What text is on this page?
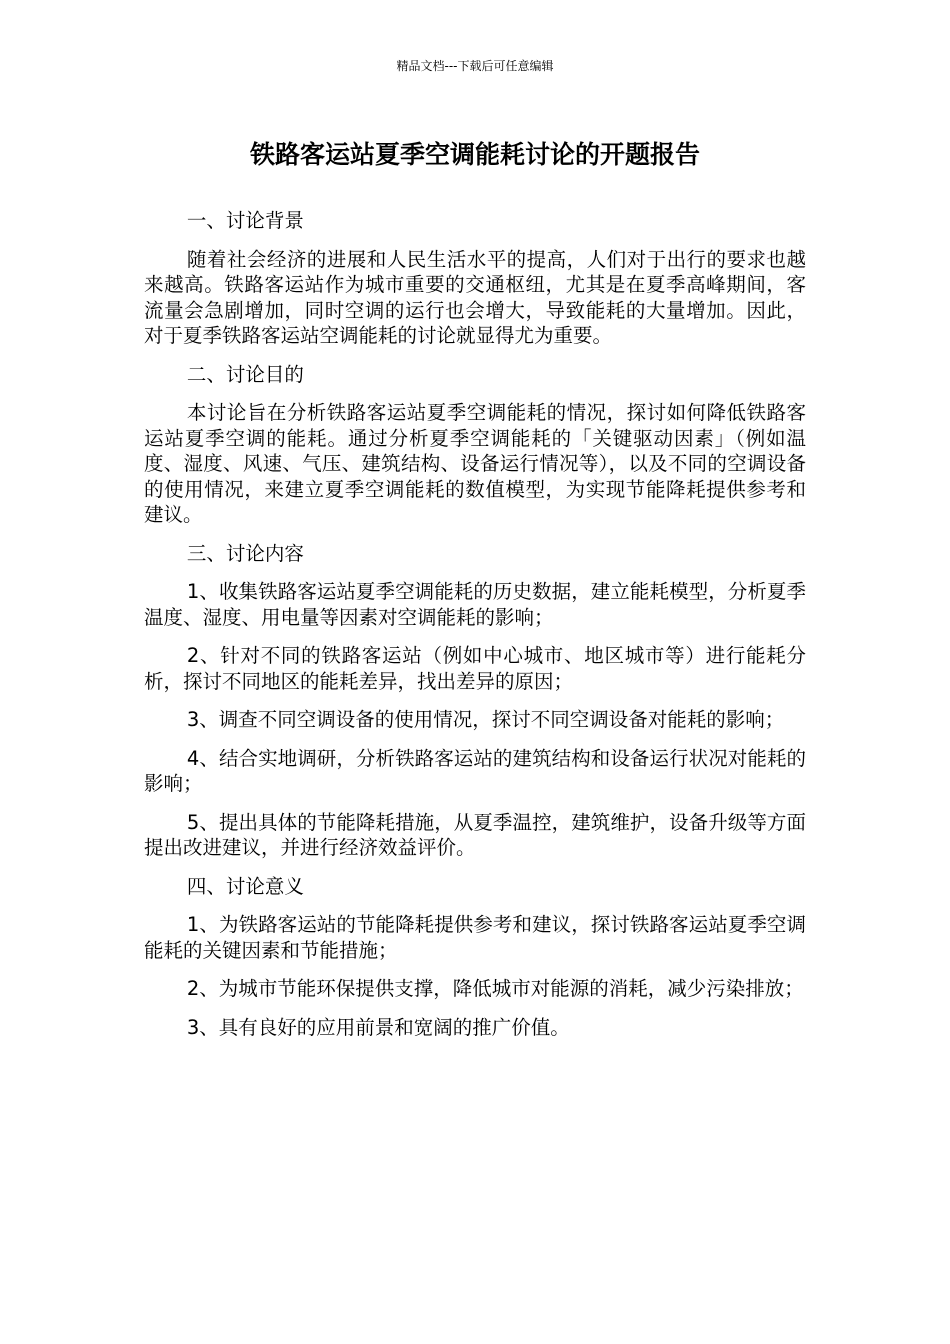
精品文档---下载后可任意编辑
铁路客运站夏季空调能耗讨论的开题报告

一、讨论背景

随着社会经济的进展和人民生活水平的提高，人们对于出行的要求也越来越高。铁路客运站作为城市重要的交通枢纽，尤其是在夏季高峰期间，客流量会急剧增加，同时空调的运行也会增大，导致能耗的大量增加。因此，对于夏季铁路客运站空调能耗的讨论就显得尤为重要。

二、讨论目的

本讨论旨在分析铁路客运站夏季空调能耗的情况，探讨如何降低铁路客运站夏季空调的能耗。通过分析夏季空调能耗的「关键驱动因素」（例如温度、湿度、风速、气压、建筑结构、设备运行情况等），以及不同的空调设备的使用情况，来建立夏季空调能耗的数值模型，为实现节能降耗提供参考和建议。

三、讨论内容

1、收集铁路客运站夏季空调能耗的历史数据，建立能耗模型，分析夏季温度、湿度、用电量等因素对空调能耗的影响；

2、针对不同的铁路客运站（例如中心城市、地区城市等）进行能耗分析，探讨不同地区的能耗差异，找出差异的原因；

3、调查不同空调设备的使用情况，探讨不同空调设备对能耗的影响；

4、结合实地调研，分析铁路客运站的建筑结构和设备运行状况对能耗的影响；

5、提出具体的节能降耗措施，从夏季温控，建筑维护，设备升级等方面提出改进建议，并进行经济效益评价。

四、讨论意义

1、为铁路客运站的节能降耗提供参考和建议，探讨铁路客运站夏季空调能耗的关键因素和节能措施；

2、为城市节能环保提供支撑，降低城市对能源的消耗，减少污染排放；

3、具有良好的应用前景和宽阔的推广价值。
